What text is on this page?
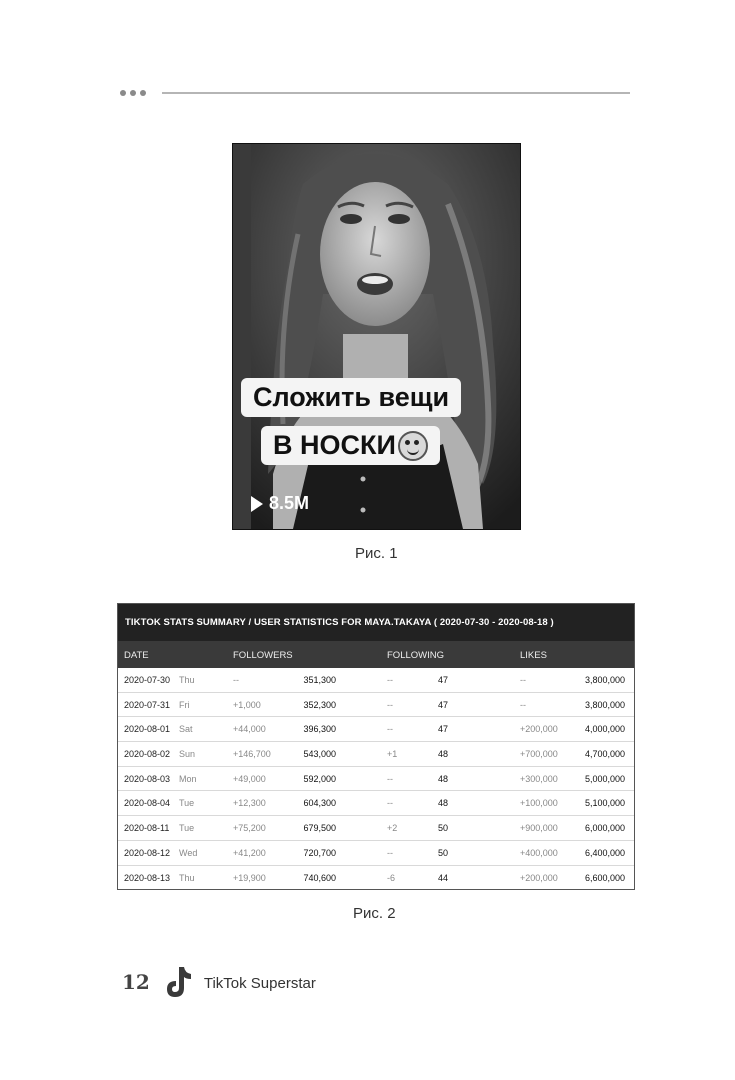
Сложить вещи
В НОСКИ
8.5M
Рис. 1
TIKTOK STATS SUMMARY / USER STATISTICS FOR MAYA.TAKAYA ( 2020-07-30 - 2020-08-18 )
DATE	FOLLOWERS	FOLLOWING	LIKES
2020-07-30 Thu	--	351,300	--	47	--	3,800,000
2020-07-31 Fri	+1,000	352,300	--	47	--	3,800,000
2020-08-01 Sat	+44,000	396,300	--	47	+200,000	4,000,000
2020-08-02 Sun	+146,700	543,000	+1	48	+700,000	4,700,000
2020-08-03 Mon	+49,000	592,000	--	48	+300,000	5,000,000
2020-08-04 Tue	+12,300	604,300	--	48	+100,000	5,100,000
2020-08-11 Tue	+75,200	679,500	+2	50	+900,000	6,000,000
2020-08-12 Wed	+41,200	720,700	--	50	+400,000	6,400,000
2020-08-13 Thu	+19,900	740,600	-6	44	+200,000	6,600,000
Рис. 2
12	TikTok Superstar
